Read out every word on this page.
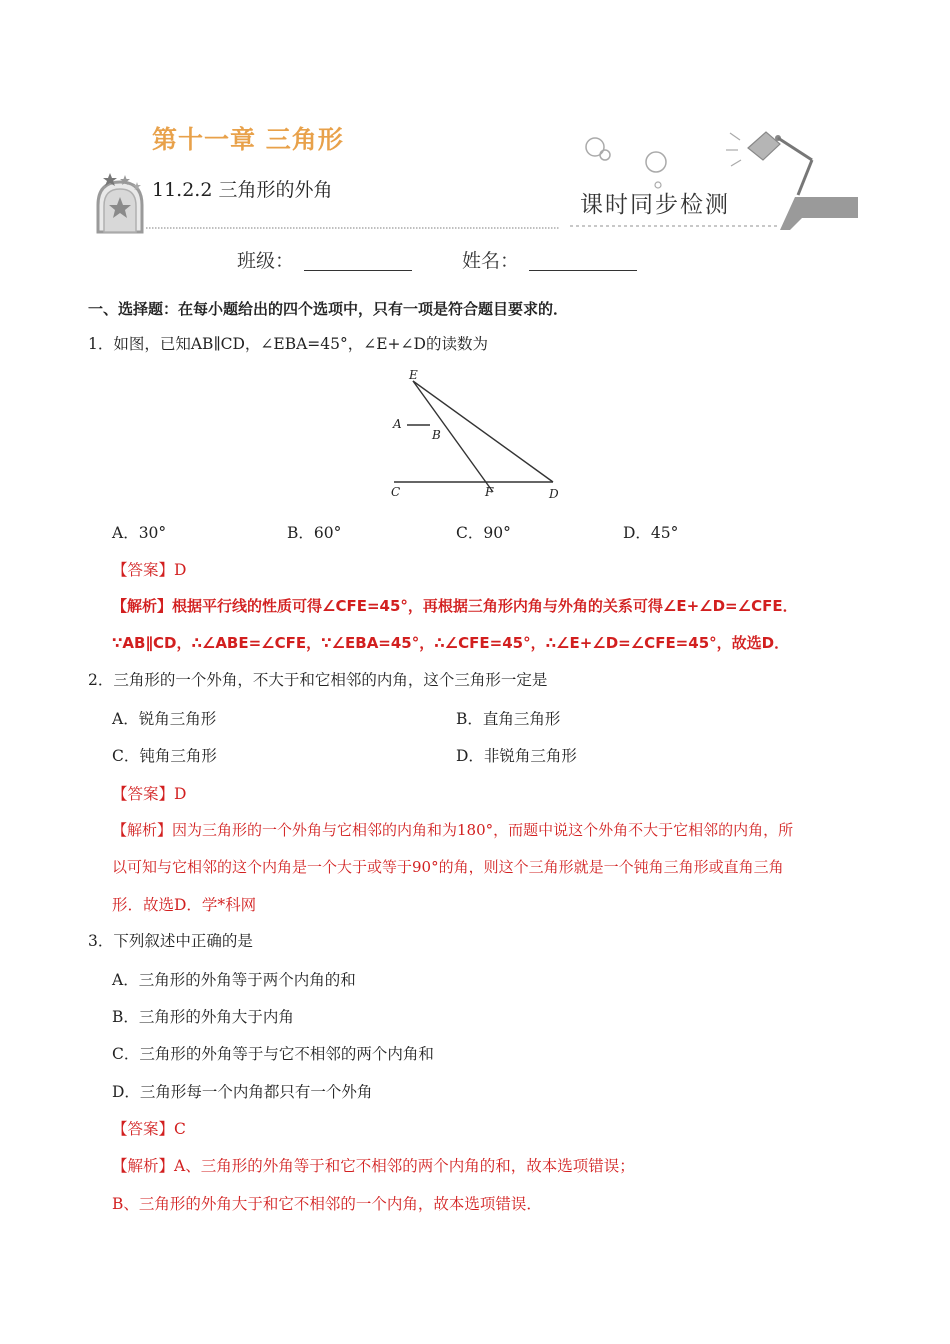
第十一章 三角形
11.2.2 三角形的外角
课时同步检测
班级：	姓名：
一、选择题：在每小题给出的四个选项中，只有一项是符合题目要求的．
1．如图，已知AB∥CD，∠EBA=45°，∠E+∠D的读数为
E
A
B
C	F	D
A．30°	B．60°	C．90°	D．45°
【答案】D
【解析】根据平行线的性质可得∠CFE=45°，再根据三角形内角与外角的关系可得∠E+∠D=∠CFE．
∵AB∥CD，∴∠ABE=∠CFE，∵∠EBA=45°，∴∠CFE=45°，∴∠E+∠D=∠CFE=45°，故选D．
2．三角形的一个外角，不大于和它相邻的内角，这个三角形一定是
A．锐角三角形	B．直角三角形
C．钝角三角形	D．非锐角三角形
【答案】D
【解析】因为三角形的一个外角与它相邻的内角和为180°，而题中说这个外角不大于它相邻的内角，所
以可知与它相邻的这个内角是一个大于或等于90°的角，则这个三角形就是一个钝角三角形或直角三角
形．故选D．学*科网
3．下列叙述中正确的是
A．三角形的外角等于两个内角的和
B．三角形的外角大于内角
C．三角形的外角等于与它不相邻的两个内角和
D．三角形每一个内角都只有一个外角
【答案】C
【解析】A、三角形的外角等于和它不相邻的两个内角的和，故本选项错误；
B、三角形的外角大于和它不相邻的一个内角，故本选项错误．
